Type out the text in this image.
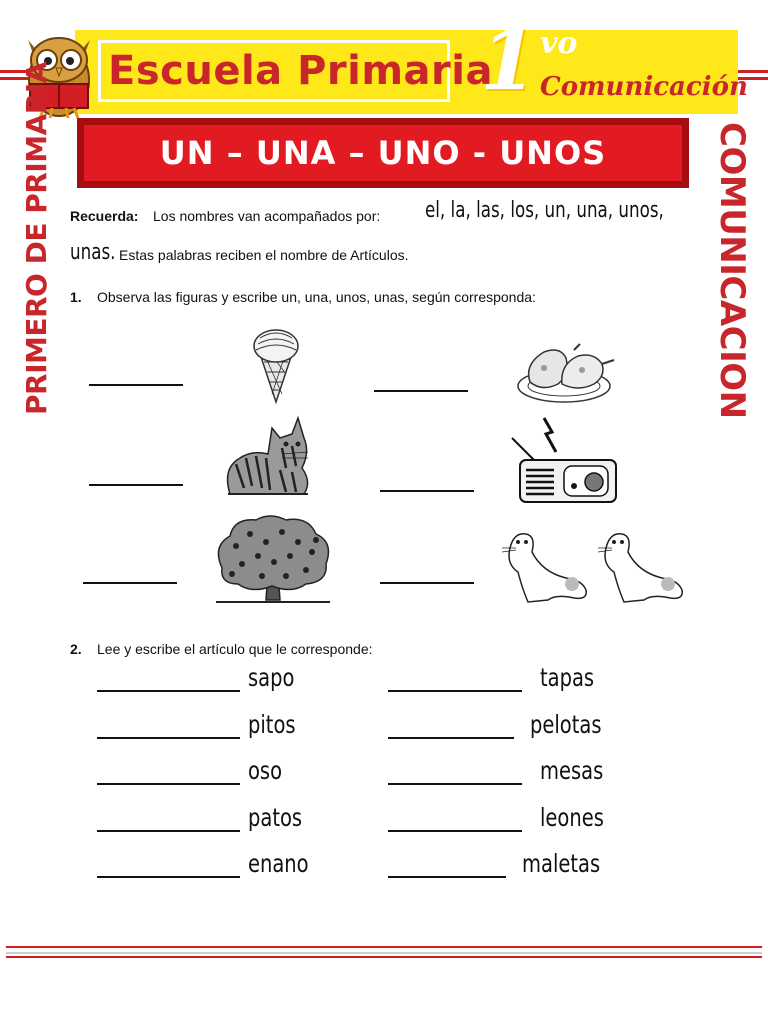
Escuela Primaria
1 vo
Comunicación
UN – UNA – UNO - UNOS
PRIMERO DE PRIMARIA	COMUNICACION
Recuerda: Los nombres van acompañados por: el, la, las, los, un, una, unos,
unas. Estas palabras reciben el nombre de Artículos.
1. Observa las figuras y escribe un, una, unos, unas, según corresponda:
2. Lee y escribe el artículo que le corresponde:
sapo
pitos
oso
patos
enano
tapas
pelotas
mesas
leones
maletas
